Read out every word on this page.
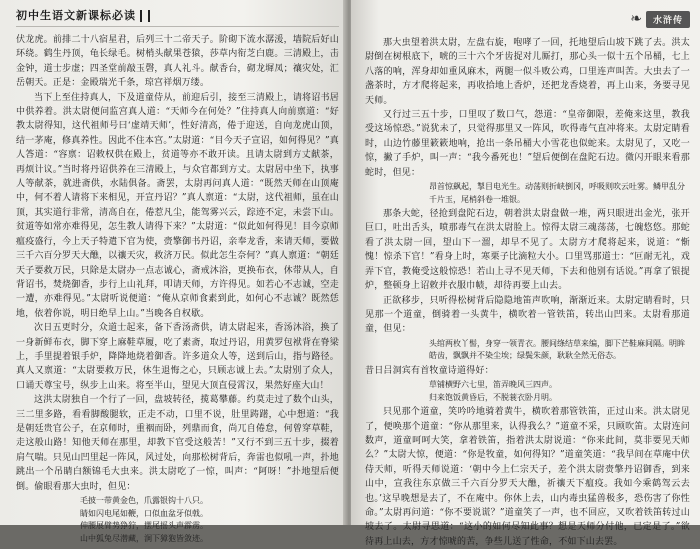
初中生语文新课标必读

伏龙虎。前排二十八宿星君，后列三十二帝天子。阶砌下流水潺湲，墙院后好山环绕。鹤生丹顶，龟长绿毛。树梢头献果苍猿，莎草内衔芝白鹿。三清殿上，击金钟，道士步虚；四圣堂前敲玉磬，真人礼斗。献香台，砌龙墀凤；禳灾处，汇岳朝天。正是：金殿瑞光千条，琼宫祥烟万缕。

当下上至住持真人，下及道童侍从，前迎后引，接至三清殿上，请将诏书居中供养着。洪太尉便问监宫真人道：“天师今在何处？”住持真人向前禀道：“好教太尉得知，这代祖师号曰‘虚靖天师’，性好清高，倦于迎送，自向龙虎山顶，结一茅庵，修真养性。因此不住本宫。”太尉道：“目今天子宣诏，如何得见？”真人答道：“容禀：诏敕权供在殿上，贫道等亦不敢开读。且请太尉到方丈献茶，再烦计议。”当时将丹诏供养在三清殿上，与众官都到方丈。太尉居中坐下，执事人等献茶，就进斋供，水陆俱备。斋罢，太尉再问真人道：“既然天师在山顶庵中，何不着人请将下来相见，开宣丹诏？”真人禀道：“太尉，这代祖师，虽在山顶，其实道行非常，清高自在，倦惹凡尘，能驾雾兴云，踪迹不定，未尝下山。贫道等如常亦难得见，怎生教人请得下来？”太尉道：“似此如何得见！目今京师瘟疫盛行，今上天子特遣下官为使，赍擎御书丹诏，亲奉龙香，来请天师，要做三千六百分罗天大醮，以禳天灾，救济万民。似此怎生奈何？”真人禀道：“朝廷天子要救万民，只除是太尉办一点志诚心，斋戒沐浴，更换布衣，休带从人，自背诏书，焚烧御香，步行上山礼拜，叩请天师，方许得见。如若心不志诚，空走一遭，亦难得见。”太尉听说便道：“俺从京师食素到此，如何心不志诚？既然恁地，依着你说，明日绝早上山。”当晚各自权歇。

次日五更时分，众道士起来，备下香汤斋供，请太尉起来，香汤沐浴，换了一身新鲜布衣，脚下穿上麻鞋草履，吃了素斋，取过丹诏，用黄罗包袱背在脊梁上，手里提着银手炉，降降地烧着御香。许多道众人等，送到后山，指与路径。真人又禀道：“太尉要救万民，休生退悔之心，只顾志诚上去。”太尉别了众人，口诵天尊宝号，纵步上山来。将至半山，望见大顶直侵霄汉，果然好座大山！

这洪太尉独自一个行了一回，盘坡转径，揽葛攀藤。约莫走过了数个山头，三二里多路，看看脚酸腿软，正走不动，口里不说，肚里踌躇，心中想道：“我是朝廷贵官公子，在京师时，重裀而卧，列鼎而食，尚兀自倦怠，何曾穿草鞋，走这般山路！知他天师在那里，却教下官受这般苦！”又行不到三五十步，掇着肩气喘。只见山凹里起一阵风，风过处，向那松树背后，奔雷也似吼一声，扑地跳出一个吊睛白额锦毛大虫来。洪太尉吃了一惊，叫声：“阿呀！”扑地望后便倒。偷眼看那大虫时，但见：

毛披一带黄金色，爪露银钩十八只。
睛如闪电尾如鞭，口似血盆牙似戟。
伸腰展臂势狰狞，摆尾摇头声霹雳。
山中狐兔尽潜藏，涧下獐狍皆敛迹。
❧	水浒传

那大虫望着洪太尉，左盘右旋，咆哮了一回，托地望后山坡下跳了去。洪太尉倒在树根底下，唬的三十六个牙齿捉对儿厮打，那心头一似十五个吊桶，七上八落的响，浑身却如重风麻木，两腿一似斗败公鸡，口里连声叫苦。大虫去了一盏茶时，方才爬将起来，再收拾地上香炉，还把龙香烧着，再上山来，务要寻见天师。

又行过三五十步，口里叹了数口气，怨道：“皇帝御限，差俺来这里，教我受这场惊恐。”说犹未了，只觉得那里又一阵风，吹得毒气直冲将来。太尉定睛看时，山边竹藤里簌簌地响，抢出一条吊桶大小雪花也似蛇来。太尉见了，又吃一惊，撇了手炉，叫一声：“我今番死也！”望后便倒在盘陀石边。微闪开眼来看那蛇时，但见：

昂首惊飙起，掣目电光生。动荡则折峡倒冈，呼吸则吹云吐雾。鳞甲乱分千片玉，尾梢斜卷一堆银。

那条大蛇，径抢到盘陀石边，朝着洪太尉盘做一堆，两只眼迸出金光，张开巨口，吐出舌头，喷那毒气在洪太尉脸上。惊得太尉三魂荡荡，七魄悠悠。那蛇看了洪太尉一回，望山下一溜，却早不见了。太尉方才爬将起来，说道：“惭愧！惊杀下官！”看身上时，寒栗子比滴粒大小。口里骂那道士：“叵耐无礼，戏弄下官，教俺受这般惊恐！若山上寻不见天师，下去和他别有话说。”再拿了银提炉，整顿身上诏敕并衣服巾帻，却待再要上山去。

正欲移步，只听得松树背后隐隐地笛声吹响，渐渐近来。太尉定睛看时，只见那一个道童，倒骑着一头黄牛，横吹着一管铁笛，转出山凹来。太尉看那道童，但见：

头绾两枚丫髻，身穿一领青衣。腰间绦结草来编，脚下芒鞋麻间隔。明眸皓齿，飘飘并不染尘埃；绿鬓朱颜，耿耿全然无俗态。

昔日吕洞宾有首牧童诗道得好：

草铺横野六七里，笛弄晚风三四声。
归来饱饭黄昏后，不脱蓑衣卧月明。

只见那个道童，笑吟吟地骑着黄牛，横吹着那管铁笛，正过山来。洪太尉见了，便唤那个道童：“你从那里来，认得我么？”道童不采，只顾吹笛。太尉连问数声，道童呵呵大笑，拿着铁笛，指着洪太尉说道：“你来此间，莫非要见天师么？”太尉大惊，便道：“你是牧童，如何得知？”道童笑道：“我早间在草庵中伏侍天师，听得天师说道：‘朝中今上仁宗天子，差个洪太尉赍擎丹诏御香，到来山中，宣我往东京做三千六百分罗天大醮，祈禳天下瘟疫。我如今乘鹤驾云去也。’这早晚想是去了，不在庵中。你休上去，山内毒虫猛兽极多，恐伤害了你性命。”太尉再问道：“你不要说谎？”道童笑了一声，也不回应，又吹着铁笛转过山坡去了。太尉寻思道：“这小的如何尽知此事？想是天师分付他，已定是了。”欲待再上山去，方才惊唬的苦，争些儿送了性命，不如下山去罢。
